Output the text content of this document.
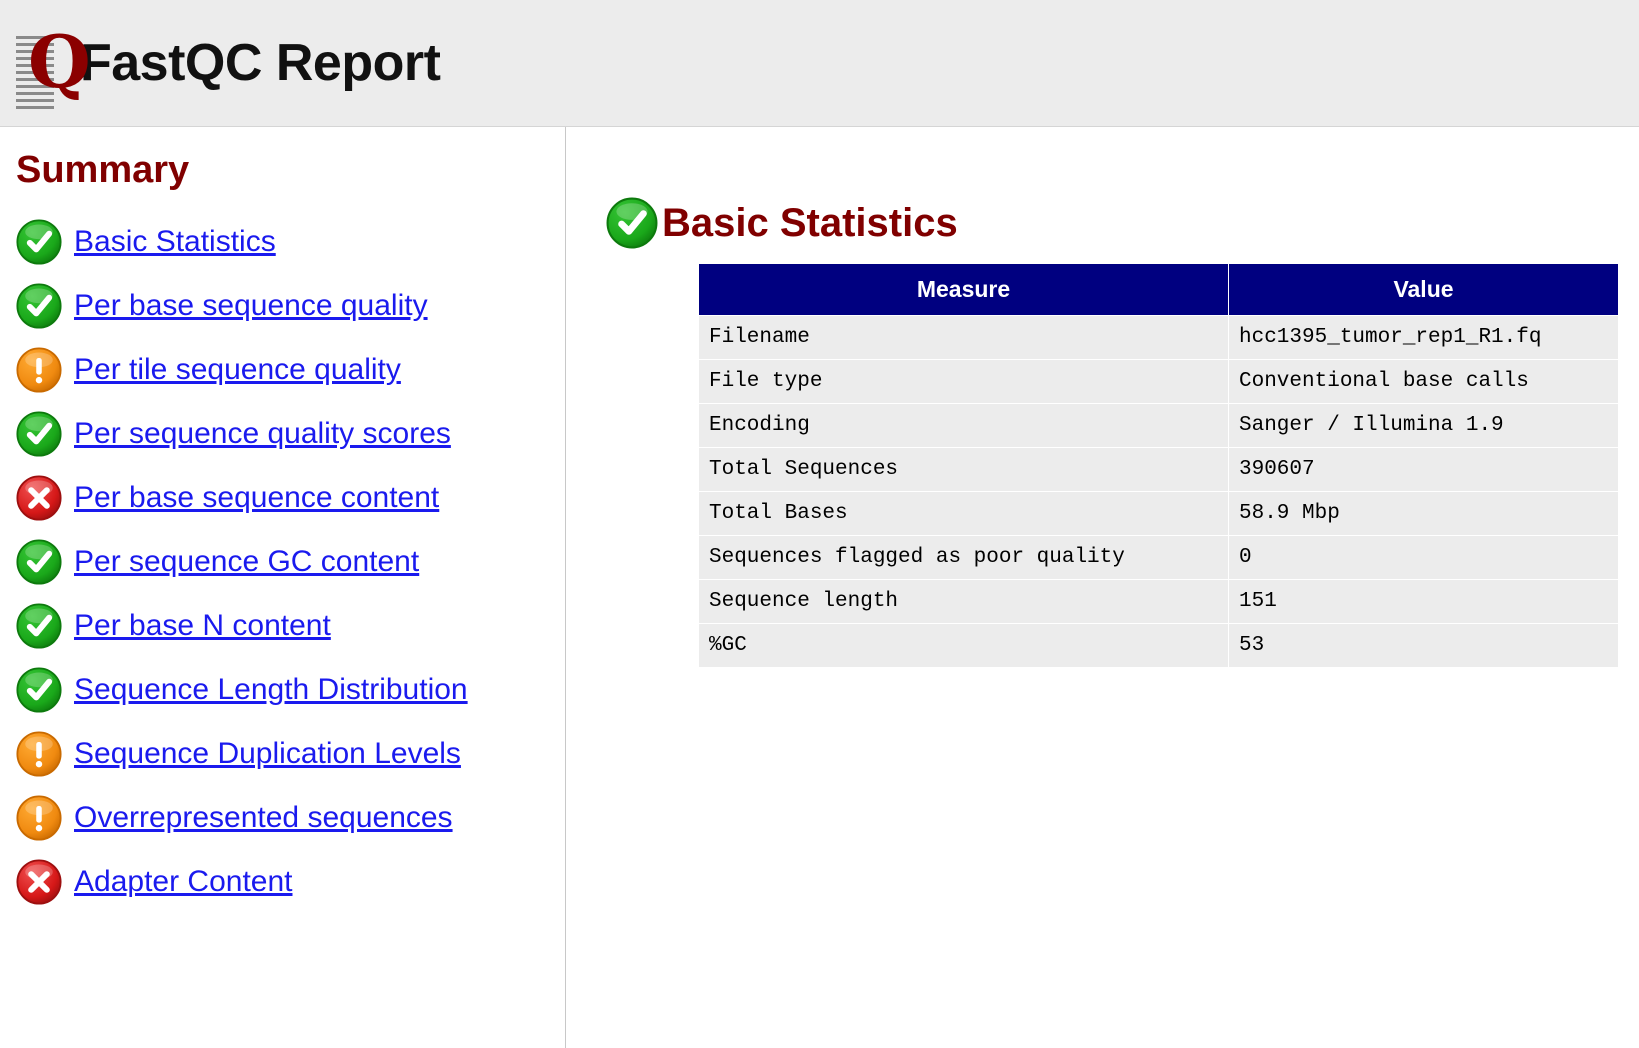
Q
FastQC Report
Summary
Basic Statistics
Per base sequence quality
Per tile sequence quality
Per sequence quality scores
Per base sequence content
Per sequence GC content
Per base N content
Sequence Length Distribution
Sequence Duplication Levels
Overrepresented sequences
Adapter Content
Basic Statistics
Measure	Value
Filename	hcc1395_tumor_rep1_R1.fq
File type	Conventional base calls
Encoding	Sanger / Illumina 1.9
Total Sequences	390607
Total Bases	58.9 Mbp
Sequences flagged as poor quality	0
Sequence length	151
%GC	53
